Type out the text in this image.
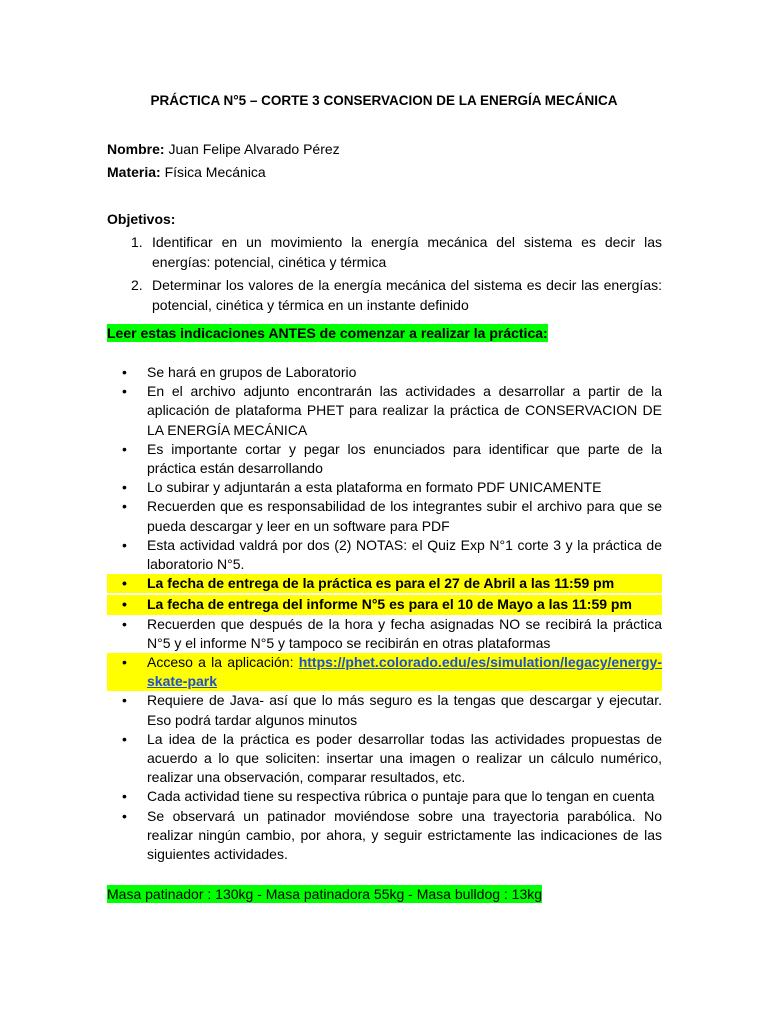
PRÁCTICA N°5 – CORTE 3 CONSERVACION DE LA ENERGÍA MECÁNICA
Nombre: Juan Felipe Alvarado Pérez
Materia: Física Mecánica
Objetivos:
1. Identificar en un movimiento la energía mecánica del sistema es decir las energías: potencial, cinética y térmica
2. Determinar los valores de la energía mecánica del sistema es decir las energías: potencial, cinética y térmica en un instante definido
Leer estas indicaciones ANTES de comenzar a realizar la práctica:
• Se hará en grupos de Laboratorio
• En el archivo adjunto encontrarán las actividades a desarrollar a partir de la aplicación de plataforma PHET para realizar la práctica de CONSERVACION DE LA ENERGÍA MECÁNICA
• Es importante cortar y pegar los enunciados para identificar que parte de la práctica están desarrollando
• Lo subirar y adjuntarán a esta plataforma en formato PDF UNICAMENTE
• Recuerden que es responsabilidad de los integrantes subir el archivo para que se pueda descargar y leer en un software para PDF
• Esta actividad valdrá por dos (2) NOTAS: el Quiz Exp N°1 corte 3 y la práctica de laboratorio N°5.
• La fecha de entrega de la práctica es para el 27 de Abril a las 11:59 pm
• La fecha de entrega del informe N°5 es para el 10 de Mayo a las 11:59 pm
• Recuerden que después de la hora y fecha asignadas NO se recibirá la práctica N°5 y el informe N°5 y tampoco se recibirán en otras plataformas
• Acceso a la aplicación: https://phet.colorado.edu/es/simulation/legacy/energy-skate-park
• Requiere de Java- así que lo más seguro es la tengas que descargar y ejecutar. Eso podrá tardar algunos minutos
• La idea de la práctica es poder desarrollar todas las actividades propuestas de acuerdo a lo que soliciten: insertar una imagen o realizar un cálculo numérico, realizar una observación, comparar resultados, etc.
• Cada actividad tiene su respectiva rúbrica o puntaje para que lo tengan en cuenta
• Se observará un patinador moviéndose sobre una trayectoria parabólica. No realizar ningún cambio, por ahora, y seguir estrictamente las indicaciones de las siguientes actividades.
Masa patinador : 130kg - Masa patinadora 55kg - Masa bulldog : 13kg
